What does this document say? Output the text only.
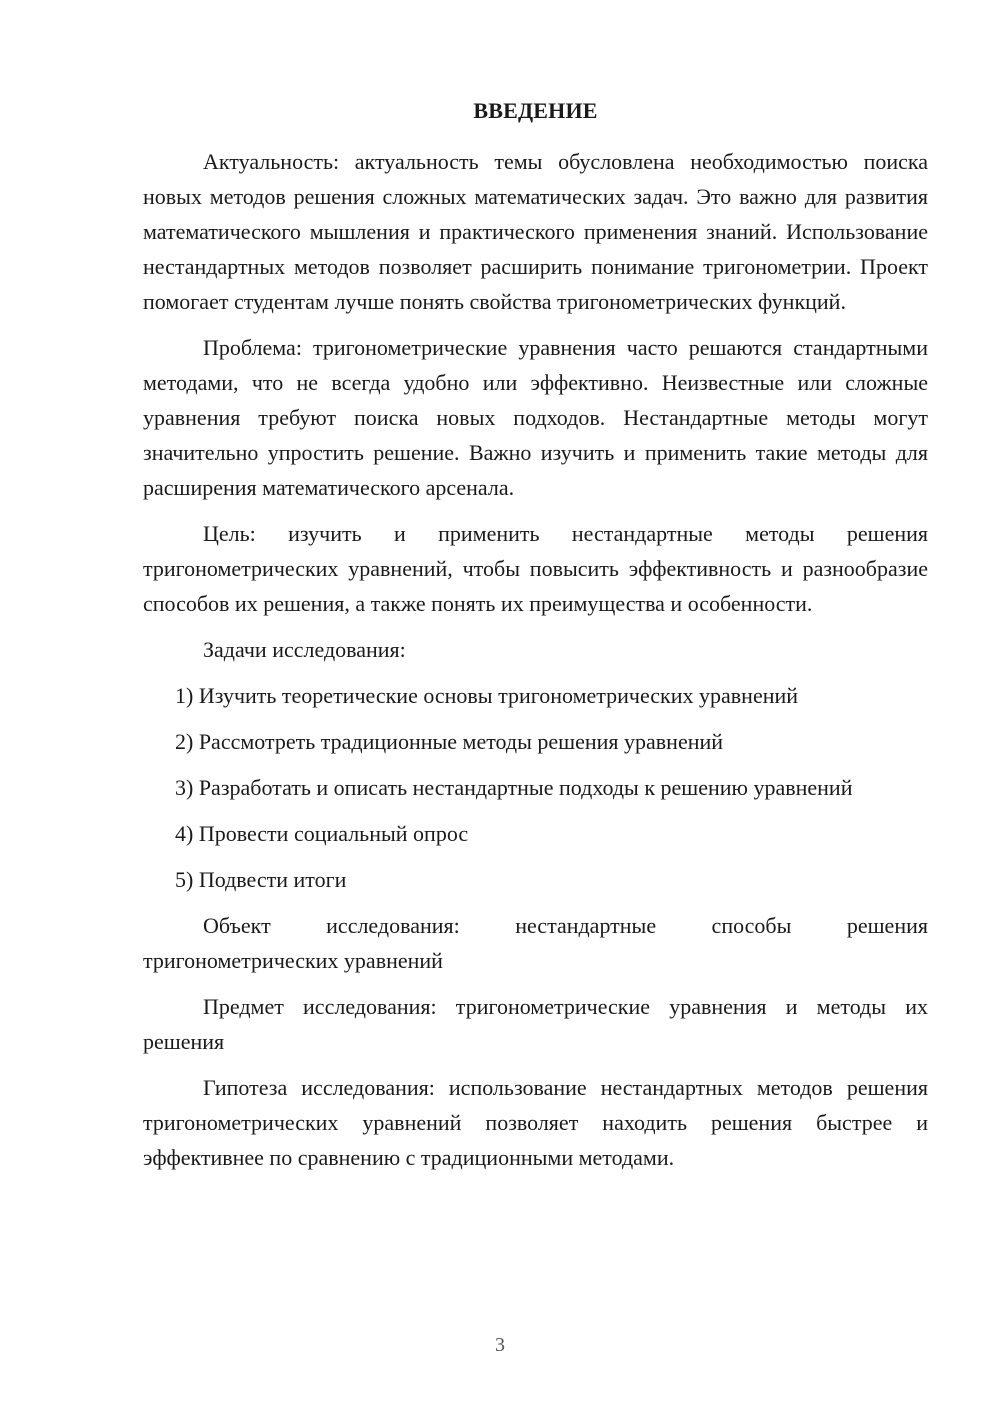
ВВЕДЕНИЕ

Актуальность: актуальность темы обусловлена необходимостью поиска новых методов решения сложных математических задач. Это важно для развития математического мышления и практического применения знаний. Использование нестандартных методов позволяет расширить понимание тригонометрии. Проект помогает студентам лучше понять свойства тригонометрических функций.

Проблема: тригонометрические уравнения часто решаются стандартными методами, что не всегда удобно или эффективно. Неизвестные или сложные уравнения требуют поиска новых подходов. Нестандартные методы могут значительно упростить решение. Важно изучить и применить такие методы для расширения математического арсенала.

Цель: изучить и применить нестандартные методы решения тригонометрических уравнений, чтобы повысить эффективность и разнообразие способов их решения, а также понять их преимущества и особенности.

Задачи исследования:

1) Изучить теоретические основы тригонометрических уравнений

2) Рассмотреть традиционные методы решения уравнений

3) Разработать и описать нестандартные подходы к решению уравнений

4) Провести социальный опрос

5) Подвести итоги

Объект исследования: нестандартные способы решения тригонометрических уравнений

Предмет исследования: тригонометрические уравнения и методы их решения

Гипотеза исследования: использование нестандартных методов решения тригонометрических уравнений позволяет находить решения быстрее и эффективнее по сравнению с традиционными методами.

3
